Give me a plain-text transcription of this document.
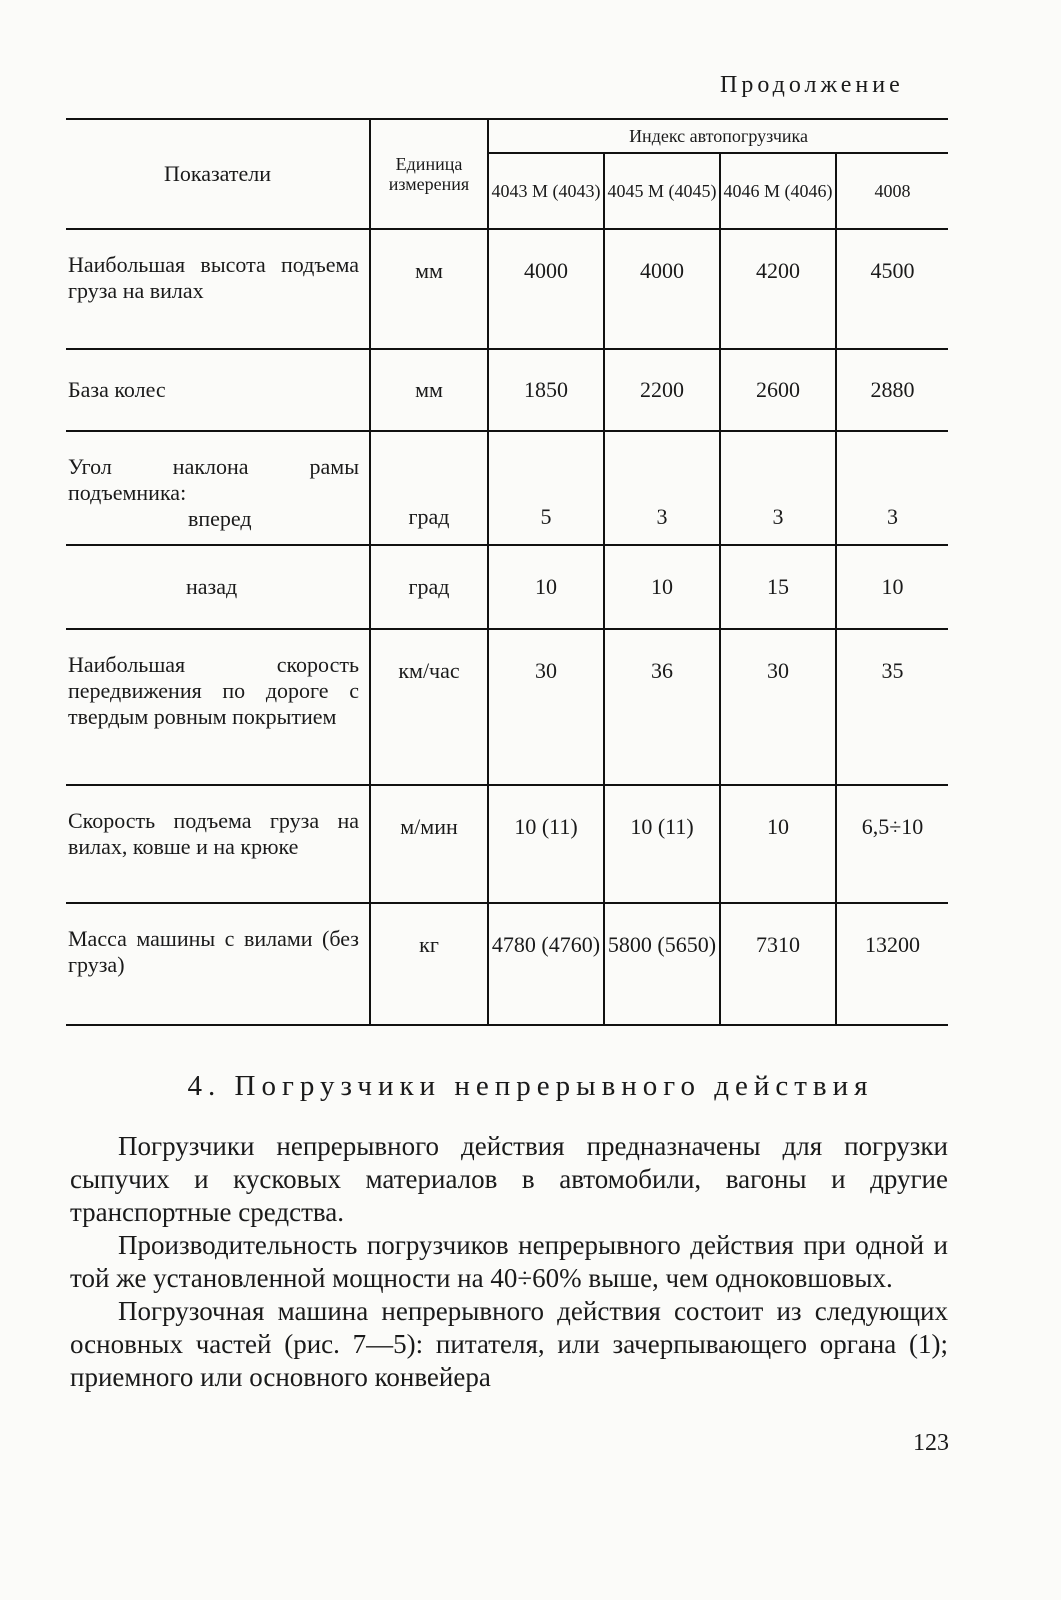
Продолжение
Показатели	Единица измерения	Индекс автопогрузчика			
		4043 М (4043)	4045 М (4045)	4046 М (4046)	4008
Наибольшая высота подъема груза на вилах	мм	4000	4000	4200	4500
База колес	мм	1850	2200	2600	2880

Угол наклона рамы подъемника:
вперед	град	5	3	3	3
назад	град	10	10	15	10
Наибольшая скорость передвижения по дороге с твердым ровным покрытием	км/час	30	36	30	35
Скорость подъема груза на вилах, ковше и на крюке	м/мин	10 (11)	10 (11)	10	6,5÷10
Масса машины с вилами (без груза)	кг	4780 (4760)	5800 (5650)	7310	13200
4. Погрузчики непрерывного действия

Погрузчики непрерывного действия предназначены для погрузки сыпучих и кусковых материалов в автомобили, вагоны и другие транспортные средства.

Производительность погрузчиков непрерывного действия при одной и той же установленной мощности на 40÷60% выше, чем одноковшовых.

Погрузочная машина непрерывного действия состоит из следующих основных частей (рис. 7—5): питателя, или зачерпывающего органа (1); приемного или основного конвейера

123
